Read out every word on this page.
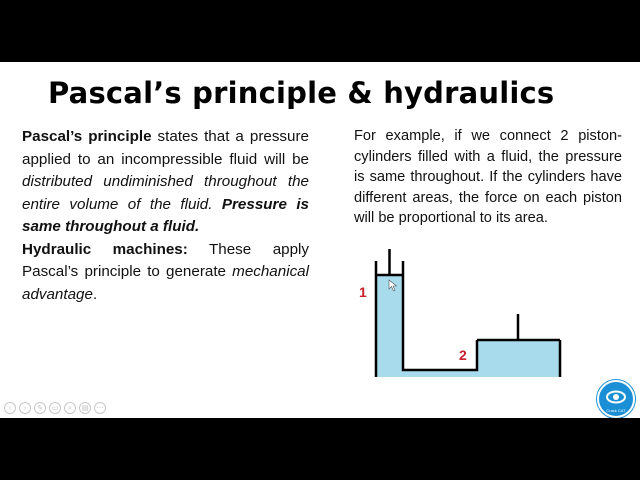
Pascal’s principle & hydraulics

Pascal’s principle states that a pressure applied to an incompressible fluid will be distributed undiminished throughout the entire volume of the fluid. Pressure is same throughout a fluid.

Hydraulic machines: These apply Pascal’s principle to generate mechanical advantage.

For example, if we connect 2 piston-cylinders filled with a fluid, the pressure is same throughout. If the cylinders have different areas, the force on each piston will be proportional to its area.
1
2
‹	›	✎	▭	⌕	▤	⋯	Crack CAT
